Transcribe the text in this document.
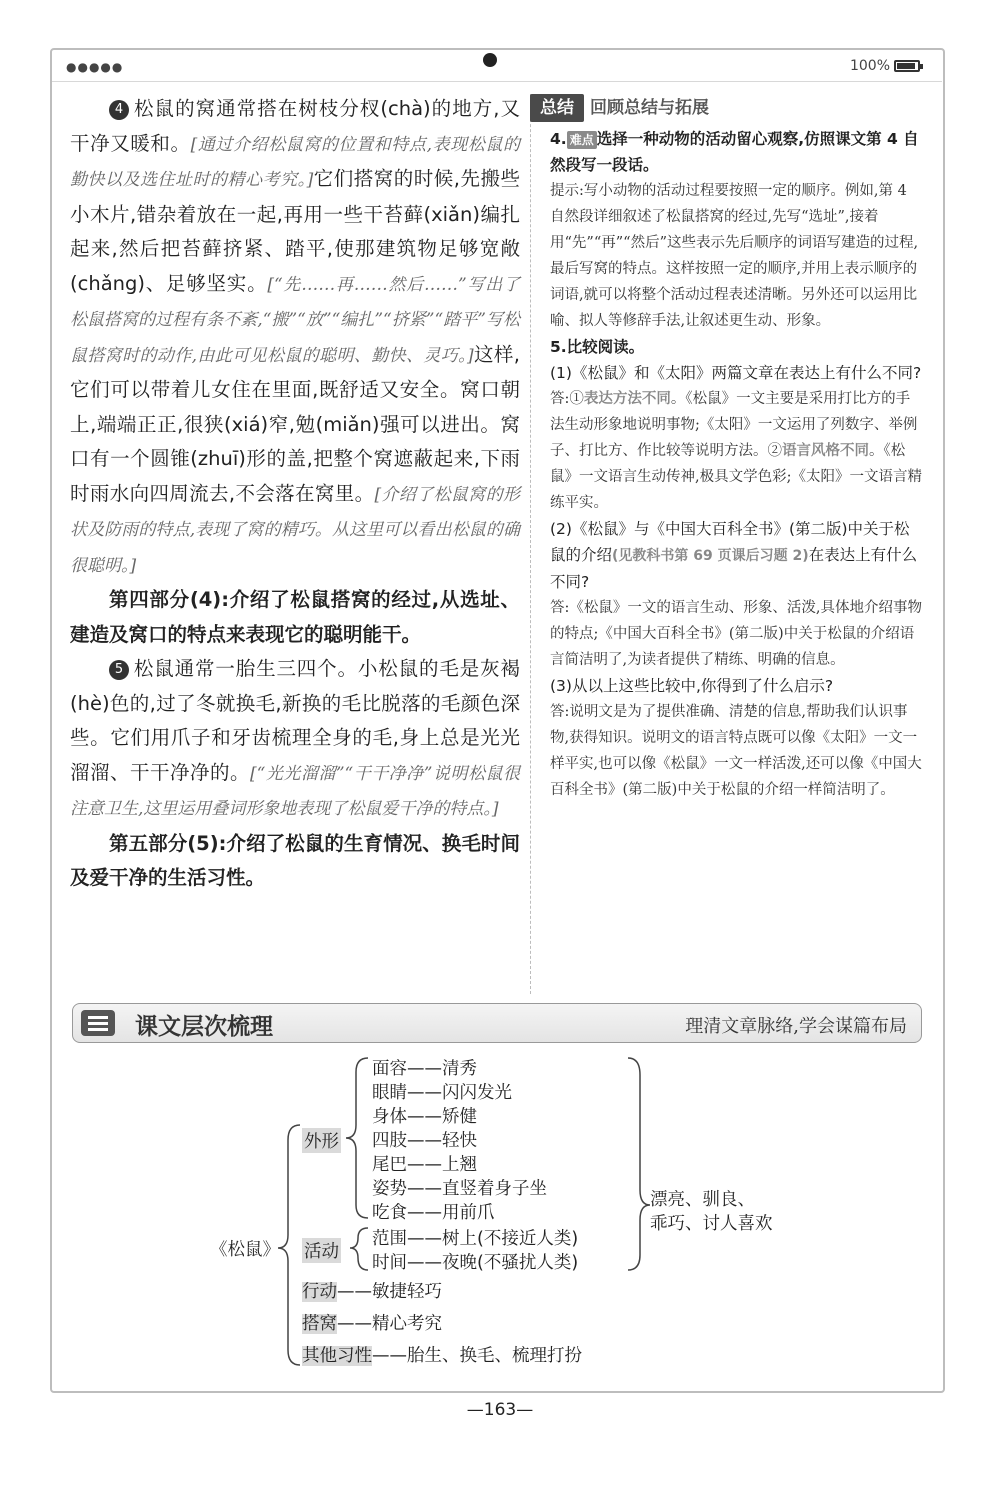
●●●●●	100%

4 松鼠的窝通常搭在树枝分杈(chà)的地方,又干净又暖和。[通过介绍松鼠窝的位置和特点,表现松鼠的勤快以及选住址时的精心考究。]它们搭窝的时候,先搬些小木片,错杂着放在一起,再用一些干苔藓(xiǎn)编扎起来,然后把苔藓挤紧、踏平,使那建筑物足够宽敞(chǎng)、足够坚实。[“先……再……然后……”写出了松鼠搭窝的过程有条不紊,“搬”“放”“编扎”“挤紧”“踏平”写松鼠搭窝时的动作,由此可见松鼠的聪明、勤快、灵巧。]这样,它们可以带着儿女住在里面,既舒适又安全。窝口朝上,端端正正,很狭(xiá)窄,勉(miǎn)强可以进出。窝口有一个圆锥(zhuī)形的盖,把整个窝遮蔽起来,下雨时雨水向四周流去,不会落在窝里。[介绍了松鼠窝的形状及防雨的特点,表现了窝的精巧。从这里可以看出松鼠的确很聪明。]

第四部分(4):介绍了松鼠搭窝的经过,从选址、建造及窝口的特点来表现它的聪明能干。

5 松鼠通常一胎生三四个。小松鼠的毛是灰褐(hè)色的,过了冬就换毛,新换的毛比脱落的毛颜色深些。它们用爪子和牙齿梳理全身的毛,身上总是光光溜溜、干干净净的。[“光光溜溜”“干干净净”说明松鼠很注意卫生,这里运用叠词形象地表现了松鼠爱干净的特点。]

第五部分(5):介绍了松鼠的生育情况、换毛时间及爱干净的生活习性。

总结 回顾总结与拓展
4. 难点 选择一种动物的活动留心观察,仿照课文第 4 自然段写一段话。
提示:写小动物的活动过程要按照一定的顺序。例如,第 4 自然段详细叙述了松鼠搭窝的经过,先写“选址”,接着用“先”“再”“然后”这些表示先后顺序的词语写建造的过程,最后写窝的特点。这样按照一定的顺序,并用上表示顺序的词语,就可以将整个活动过程表述清晰。另外还可以运用比喻、拟人等修辞手法,让叙述更生动、形象。
5.比较阅读。
(1)《松鼠》和《太阳》两篇文章在表达上有什么不同?
答:①表达方法不同。《松鼠》一文主要是采用打比方的手法生动形象地说明事物;《太阳》一文运用了列数字、举例子、打比方、作比较等说明方法。②语言风格不同。《松鼠》一文语言生动传神,极具文学色彩;《太阳》一文语言精练平实。
(2)《松鼠》与《中国大百科全书》(第二版)中关于松鼠的介绍(见教科书第 69 页课后习题 2)在表达上有什么不同?
答:《松鼠》一文的语言生动、形象、活泼,具体地介绍事物的特点;《中国大百科全书》(第二版)中关于松鼠的介绍语言简洁明了,为读者提供了精练、明确的信息。
(3)从以上这些比较中,你得到了什么启示?
答:说明文是为了提供准确、清楚的信息,帮助我们认识事物,获得知识。说明文的语言特点既可以像《太阳》一文一样平实,也可以像《松鼠》一文一样活泼,还可以像《中国大百科全书》(第二版)中关于松鼠的介绍一样简洁明了。
课文层次梳理	理清文章脉络,学会谋篇布局
《松鼠》
外形
面容——清秀
眼睛——闪闪发光
身体——矫健
四肢——轻快
尾巴——上翘
姿势——直竖着身子坐
吃食——用前爪
活动
范围——树上(不接近人类)
时间——夜晚(不骚扰人类)
漂亮、驯良、
乖巧、讨人喜欢
行动——敏捷轻巧
搭窝——精心考究
其他习性——胎生、换毛、梳理打扮
—163—
